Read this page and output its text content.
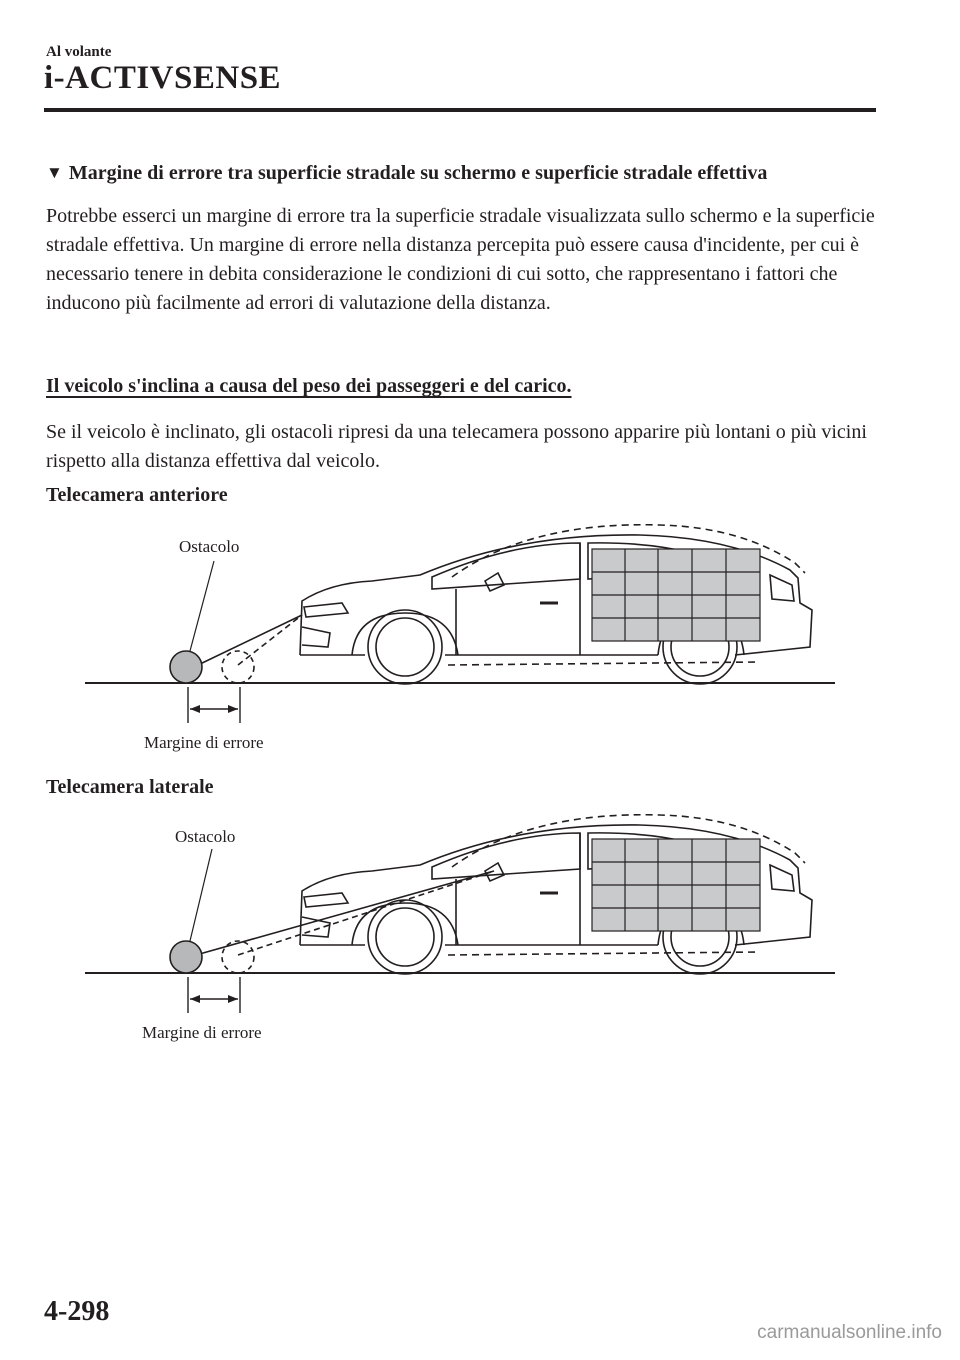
Al volante
i-ACTIVSENSE
▼ Margine di errore tra superficie stradale su schermo e superficie stradale effettiva
Potrebbe esserci un margine di errore tra la superficie stradale visualizzata sullo schermo e la superficie stradale effettiva. Un margine di errore nella distanza percepita può essere causa d'incidente, per cui è necessario tenere in debita considerazione le condizioni di cui sotto, che rappresentano i fattori che inducono più facilmente ad errori di valutazione della distanza.
Il veicolo s'inclina a causa del peso dei passeggeri e del carico.
Se il veicolo è inclinato, gli ostacoli ripresi da una telecamera possono apparire più lontani o più vicini rispetto alla distanza effettiva dal veicolo.
Telecamera anteriore
Ostacolo
Margine di errore
Telecamera laterale
Ostacolo
Margine di errore
4-298
carmanualsonline.info
